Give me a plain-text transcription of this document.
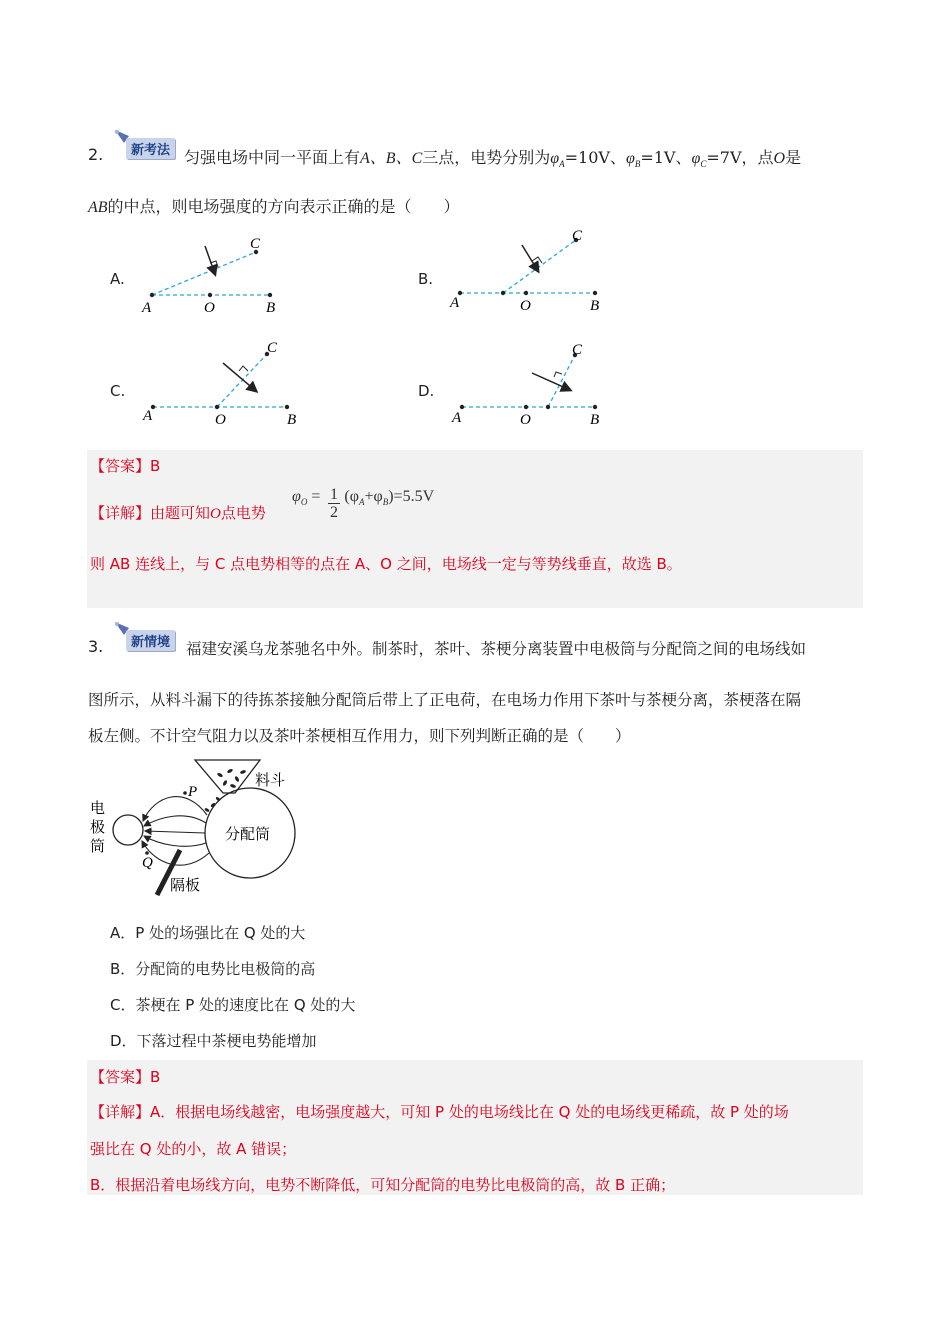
2.	新考法 匀强电场中同一平面上有A、B、C三点，电势分别为$\varphi_A=10V$、$\varphi_B=1V$、$\varphi_C=7V$，点O是
AB的中点，则电场强度的方向表示正确的是（　　）
A.	B.
C.	D.
A	O	B
C
A	O	B
C
A	O	B
C
A	O	B
C
【答案】B
【详解】由题可知O点电势
$\varphi_O = \frac{1}{2} (\varphi_A+\varphi_B)=5.5V$
则 AB 连线上，与 C 点电势相等的点在 A、O 之间，电场线一定与等势线垂直，故选 B。
3.	新情境	福建安溪乌龙茶驰名中外。制茶时，茶叶、茶梗分离装置中电极筒与分配筒之间的电场线如
图所示，从料斗漏下的待拣茶接触分配筒后带上了正电荷，在电场力作用下茶叶与茶梗分离，茶梗落在隔
板左侧。不计空气阻力以及茶叶茶梗相互作用力，则下列判断正确的是（　　）
P
Q
电
极
筒
分配筒
料斗
隔板
A．P 处的场强比在 Q 处的大
B．分配筒的电势比电极筒的高
C．茶梗在 P 处的速度比在 Q 处的大
D．下落过程中茶梗电势能增加
【答案】B
【详解】A．根据电场线越密，电场强度越大，可知 P 处的电场线比在 Q 处的电场线更稀疏，故 P 处的场
强比在 Q 处的小，故 A 错误；
B．根据沿着电场线方向，电势不断降低，可知分配筒的电势比电极筒的高，故 B 正确；
